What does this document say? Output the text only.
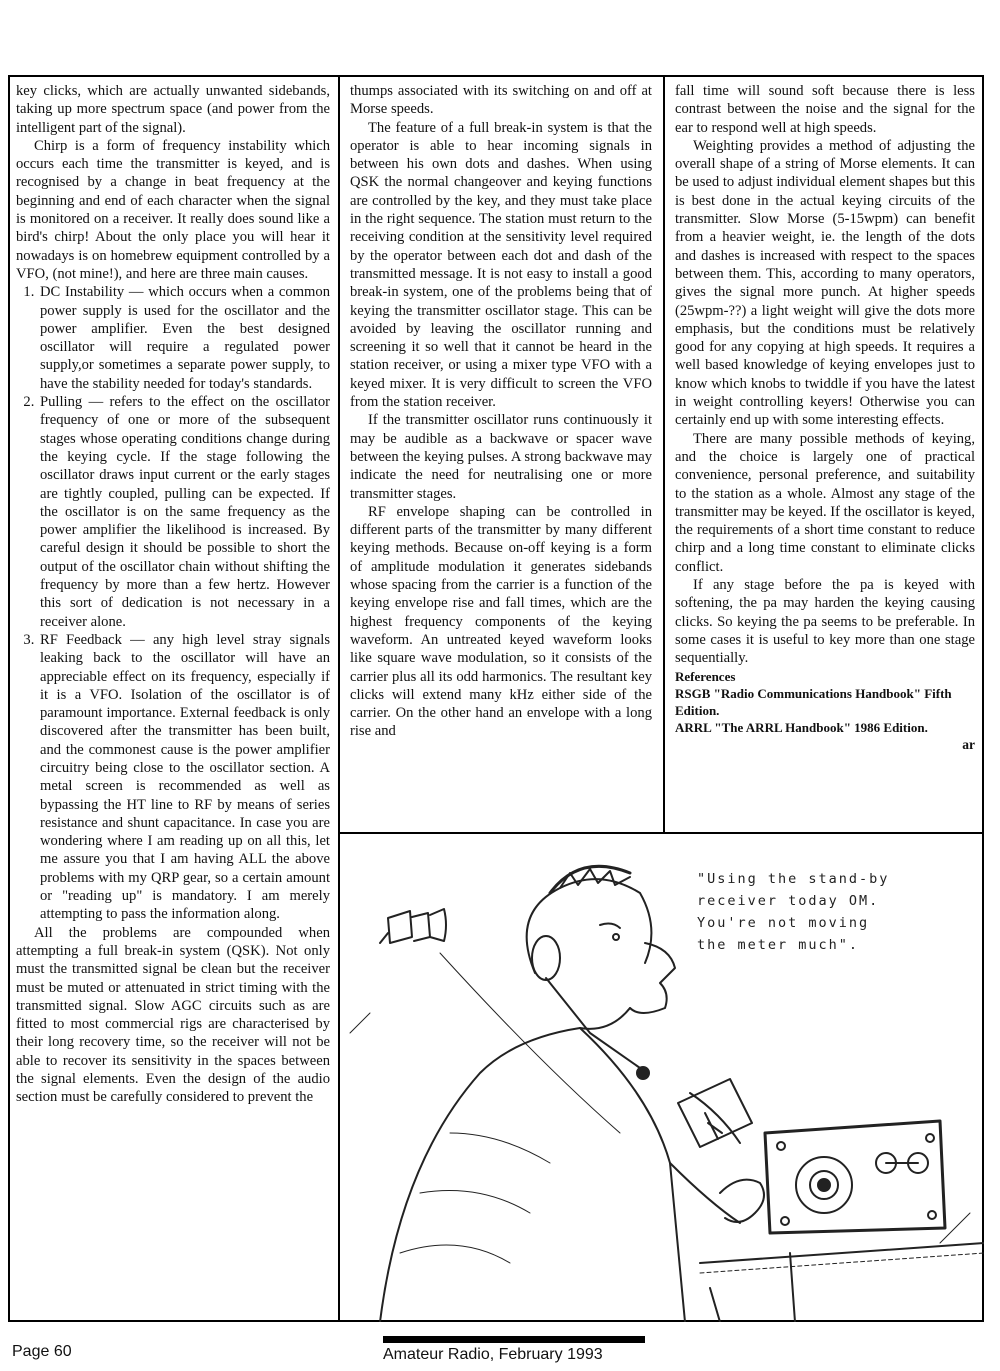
key clicks, which are actually unwanted sidebands, taking up more spectrum space (and power from the intelligent part of the signal).

Chirp is a form of frequency instability which occurs each time the transmitter is keyed, and is recognised by a change in beat frequency at the beginning and end of each character when the signal is monitored on a receiver. It really does sound like a bird's chirp! About the only place you will hear it nowadays is on homebrew equipment controlled by a VFO, (not mine!), and here are three main causes.

1. DC Instability — which occurs when a common power supply is used for the oscillator and the power amplifier. Even the best designed oscillator will require a regulated power supply,or sometimes a separate power supply, to have the stability needed for today's standards.
2. Pulling — refers to the effect on the oscillator frequency of one or more of the subsequent stages whose operating conditions change during the keying cycle. If the stage following the oscillator draws input current or the early stages are tightly coupled, pulling can be expected. If the oscillator is on the same frequency as the power amplifier the likelihood is increased. By careful design it should be possible to short the output of the oscillator chain without shifting the frequency by more than a few hertz. However this sort of dedication is not necessary in a receiver alone.
3. RF Feedback — any high level stray signals leaking back to the oscillator will have an appreciable effect on its frequency, especially if it is a VFO. Isolation of the oscillator is of paramount importance. External feedback is only discovered after the transmitter has been built, and the commonest cause is the power amplifier circuitry being close to the oscillator section. A metal screen is recommended as well as bypassing the HT line to RF by means of series resistance and shunt capacitance. In case you are wondering where I am reading up on all this, let me assure you that I am having ALL the above problems with my QRP gear, so a certain amount or "reading up" is mandatory. I am merely attempting to pass the information along.

All the problems are compounded when attempting a full break-in system (QSK). Not only must the transmitted signal be clean but the receiver must be muted or attenuated in strict timing with the transmitted signal. Slow AGC circuits such as are fitted to most commercial rigs are characterised by their long recovery time, so the receiver will not be able to recover its sensitivity in the spaces between the signal elements. Even the design of the audio section must be carefully considered to prevent the

thumps associated with its switching on and off at Morse speeds.

The feature of a full break-in system is that the operator is able to hear incoming signals in between his own dots and dashes. When using QSK the normal changeover and keying functions are controlled by the key, and they must take place in the right sequence. The station must return to the receiving condition at the sensitivity level required by the operator between each dot and dash of the transmitted message. It is not easy to install a good break-in system, one of the problems being that of keying the transmitter oscillator stage. This can be avoided by leaving the oscillator running and screening it so well that it cannot be heard in the station receiver, or using a mixer type VFO with a keyed mixer. It is very difficult to screen the VFO from the station receiver.

If the transmitter oscillator runs continuously it may be audible as a backwave or spacer wave between the keying pulses. A strong backwave may indicate the need for neutralising one or more transmitter stages.

RF envelope shaping can be controlled in different parts of the transmitter by many different keying methods. Because on-off keying is a form of amplitude modulation it generates sidebands whose spacing from the carrier is a function of the keying envelope rise and fall times, which are the highest frequency components of the keying waveform. An untreated keyed waveform looks like square wave modulation, so it consists of the carrier plus all its odd harmonics. The resultant key clicks will extend many kHz either side of the carrier. On the other hand an envelope with a long rise and

fall time will sound soft because there is less contrast between the noise and the signal for the ear to respond well at high speeds.

Weighting provides a method of adjusting the overall shape of a string of Morse elements. It can be used to adjust individual element shapes but this is best done in the actual keying circuits of the transmitter. Slow Morse (5-15wpm) can benefit from a heavier weight, ie. the length of the dots and dashes is increased with respect to the spaces between them. This, according to many operators, gives the signal more punch. At higher speeds (25wpm-??) a light weight will give the dots more emphasis, but the conditions must be relatively good for any copying at high speeds. It requires a well based knowledge of keying envelopes just to know which knobs to twiddle if you have the latest in weight controlling keyers! Otherwise you can certainly end up with some interesting effects.

There are many possible methods of keying, and the choice is largely one of practical convenience, personal preference, and suitability to the station as a whole. Almost any stage of the transmitter may be keyed. If the oscillator is keyed, the requirements of a short time constant to reduce chirp and a long time constant to eliminate clicks conflict.

If any stage before the pa is keyed with softening, the pa may harden the keying causing clicks. So keying the pa seems to be preferable. In some cases it is useful to key more than one stage sequentially.

References
RSGB "Radio Communications Handbook" Fifth Edition.
ARRL "The ARRL Handbook" 1986 Edition.
ar
"Using the stand-by
receiver today OM.
You're not moving
the meter much".
Page 60	Amateur Radio, February 1993
